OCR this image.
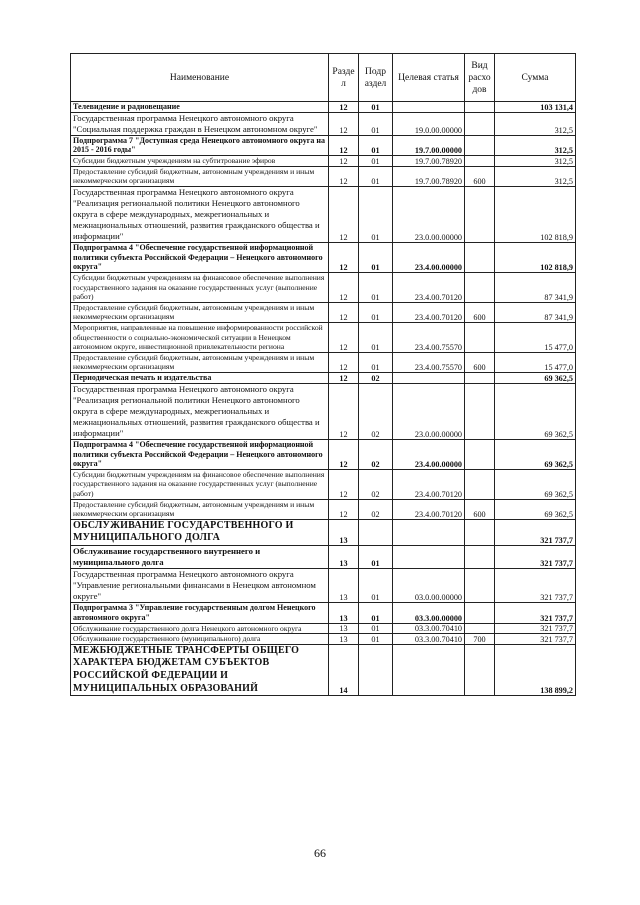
Наименование	Разде л	Подр аздел	Целевая статья	Вид расхо дов	Сумма
Телевидение и радиовещание	12	01			103 131,4
Государственная программа Ненецкого автономного округа "Социальная поддержка граждан в Ненецком автономном округе"	12	01	19.0.00.00000		312,5
Подпрограмма 7 "Доступная среда Ненецкого автономного округа на 2015 - 2016 годы"	12	01	19.7.00.00000		312,5
Субсидии бюджетным учреждениям на субтитрование эфиров	12	01	19.7.00.78920		312,5
Предоставление субсидий бюджетным, автономным учреждениям и иным некоммерческим организациям	12	01	19.7.00.78920	600	312,5
Государственная программа Ненецкого автономного округа "Реализация региональной политики Ненецкого автономного округа в сфере международных, межрегиональных и межнациональных отношений, развития гражданского общества и информации"	12	01	23.0.00.00000		102 818,9
Подпрограмма 4 "Обеспечение государственной информационной политики субъекта Российской Федерации – Ненецкого автономного округа"	12	01	23.4.00.00000		102 818,9
Субсидии бюджетным учреждениям на финансовое обеспечение выполнения государственного задания на оказание государственных услуг (выполнение работ)	12	01	23.4.00.70120		87 341,9
Предоставление субсидий бюджетным, автономным учреждениям и иным некоммерческим организациям	12	01	23.4.00.70120	600	87 341,9
Мероприятия, направленные на повышение информированности российской общественности о социально-экономической ситуации в Ненецком автономном округе, инвестиционной привлекательности региона	12	01	23.4.00.75570		15 477,0
Предоставление субсидий бюджетным, автономным учреждениям и иным некоммерческим организациям	12	01	23.4.00.75570	600	15 477,0
Периодическая печать и издательства	12	02			69 362,5
Государственная программа Ненецкого автономного округа "Реализация региональной политики Ненецкого автономного округа в сфере международных, межрегиональных и межнациональных отношений, развития гражданского общества и информации"	12	02	23.0.00.00000		69 362,5
Подпрограмма 4 "Обеспечение государственной информационной политики субъекта Российской Федерации – Ненецкого автономного округа"	12	02	23.4.00.00000		69 362,5
Субсидии бюджетным учреждениям на финансовое обеспечение выполнения государственного задания на оказание государственных услуг (выполнение работ)	12	02	23.4.00.70120		69 362,5
Предоставление субсидий бюджетным, автономным учреждениям и иным некоммерческим организациям	12	02	23.4.00.70120	600	69 362,5
ОБСЛУЖИВАНИЕ ГОСУДАРСТВЕННОГО И МУНИЦИПАЛЬНОГО ДОЛГА	13				321 737,7
Обслуживание государственного внутреннего и муниципального долга	13	01			321 737,7
Государственная программа Ненецкого автономного округа "Управление региональными финансами в Ненецком автономном округе"	13	01	03.0.00.00000		321 737,7
Подпрограмма 3 "Управление государственным долгом Ненецкого автономного округа"	13	01	03.3.00.00000		321 737,7
Обслуживание государственного долга Ненецкого автономного округа	13	01	03.3.00.70410		321 737,7
Обслуживание государственного (муниципального) долга	13	01	03.3.00.70410	700	321 737,7
МЕЖБЮДЖЕТНЫЕ ТРАНСФЕРТЫ ОБЩЕГО ХАРАКТЕРА БЮДЖЕТАМ СУБЪЕКТОВ РОССИЙСКОЙ ФЕДЕРАЦИИ И МУНИЦИПАЛЬНЫХ ОБРАЗОВАНИЙ	14				138 899,2
66
